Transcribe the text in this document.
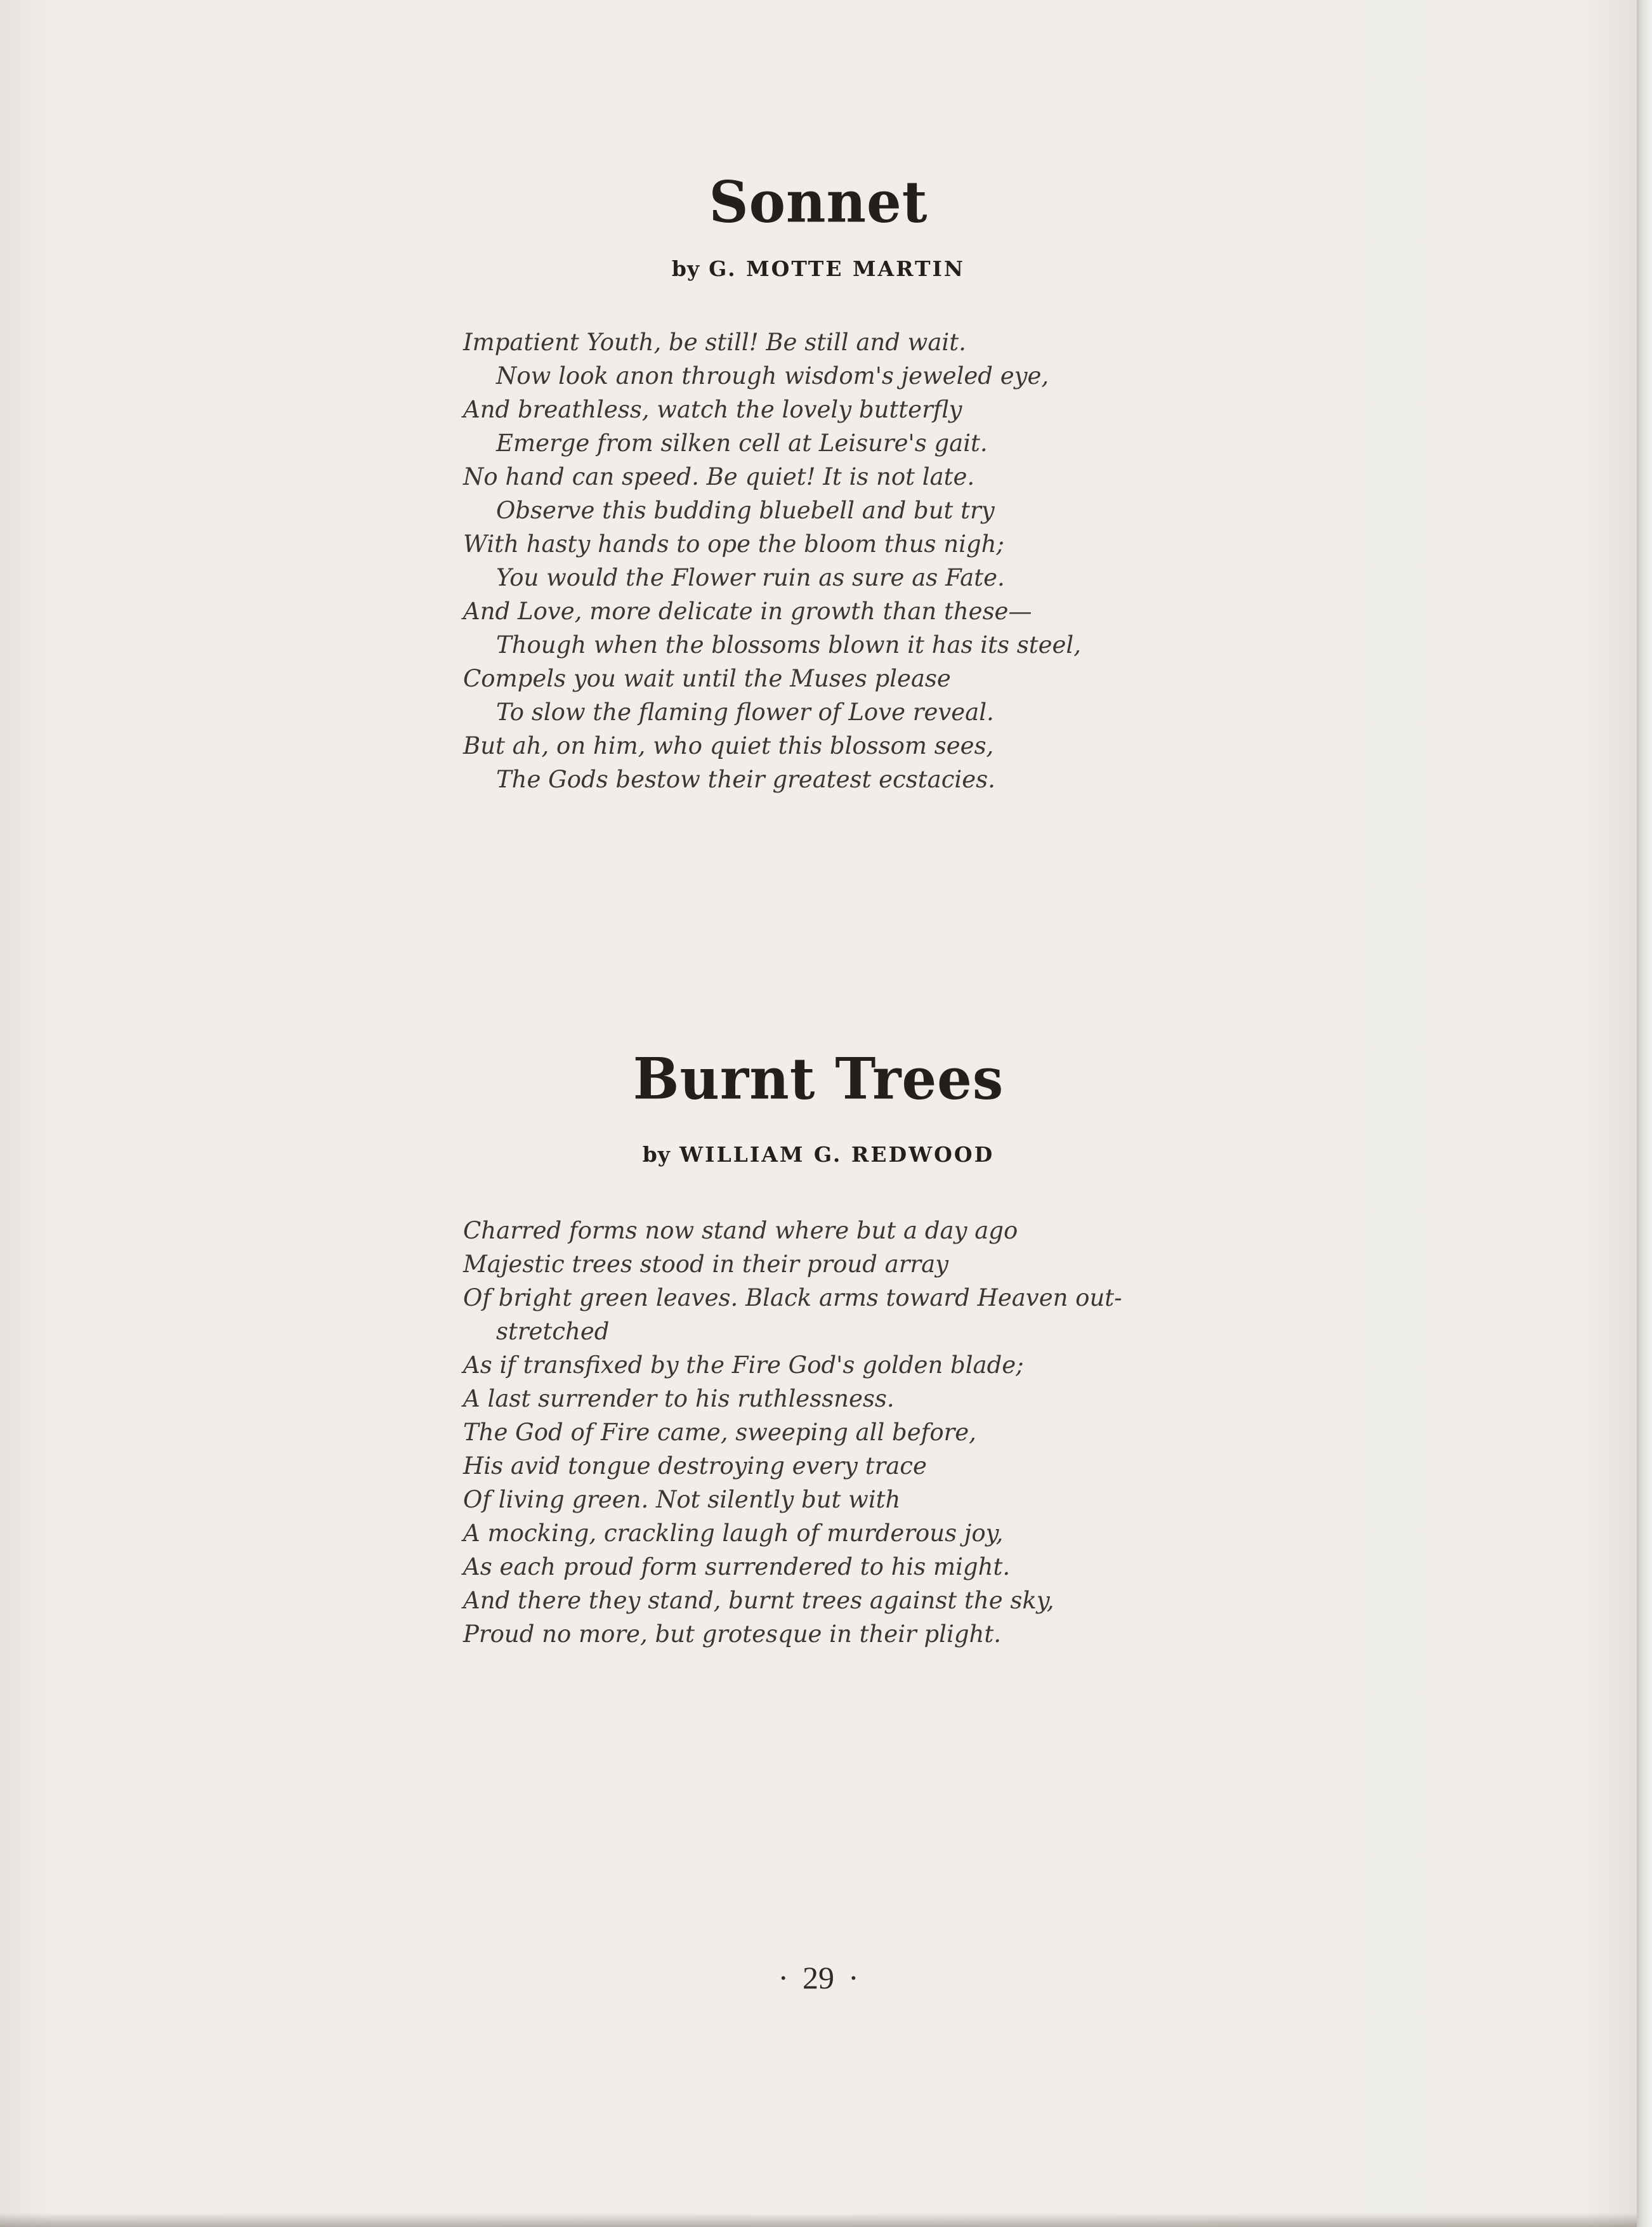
Sonnet

by G. MOTTE MARTIN

Impatient Youth, be still! Be still and wait.
Now look anon through wisdom's jeweled eye,
And breathless, watch the lovely butterfly
Emerge from silken cell at Leisure's gait.
No hand can speed. Be quiet! It is not late.
Observe this budding bluebell and but try
With hasty hands to ope the bloom thus nigh;
You would the Flower ruin as sure as Fate.
And Love, more delicate in growth than these—
Though when the blossoms blown it has its steel,
Compels you wait until the Muses please
To slow the flaming flower of Love reveal.
But ah, on him, who quiet this blossom sees,
The Gods bestow their greatest ecstacies.
Burnt Trees

by WILLIAM G. REDWOOD

Charred forms now stand where but a day ago
Majestic trees stood in their proud array
Of bright green leaves. Black arms toward Heaven out-
stretched
As if transfixed by the Fire God's golden blade;
A last surrender to his ruthlessness.
The God of Fire came, sweeping all before,
His avid tongue destroying every trace
Of living green. Not silently but with
A mocking, crackling laugh of murderous joy,
As each proud form surrendered to his might.
And there they stand, burnt trees against the sky,
Proud no more, but grotesque in their plight.

· 29 ·
